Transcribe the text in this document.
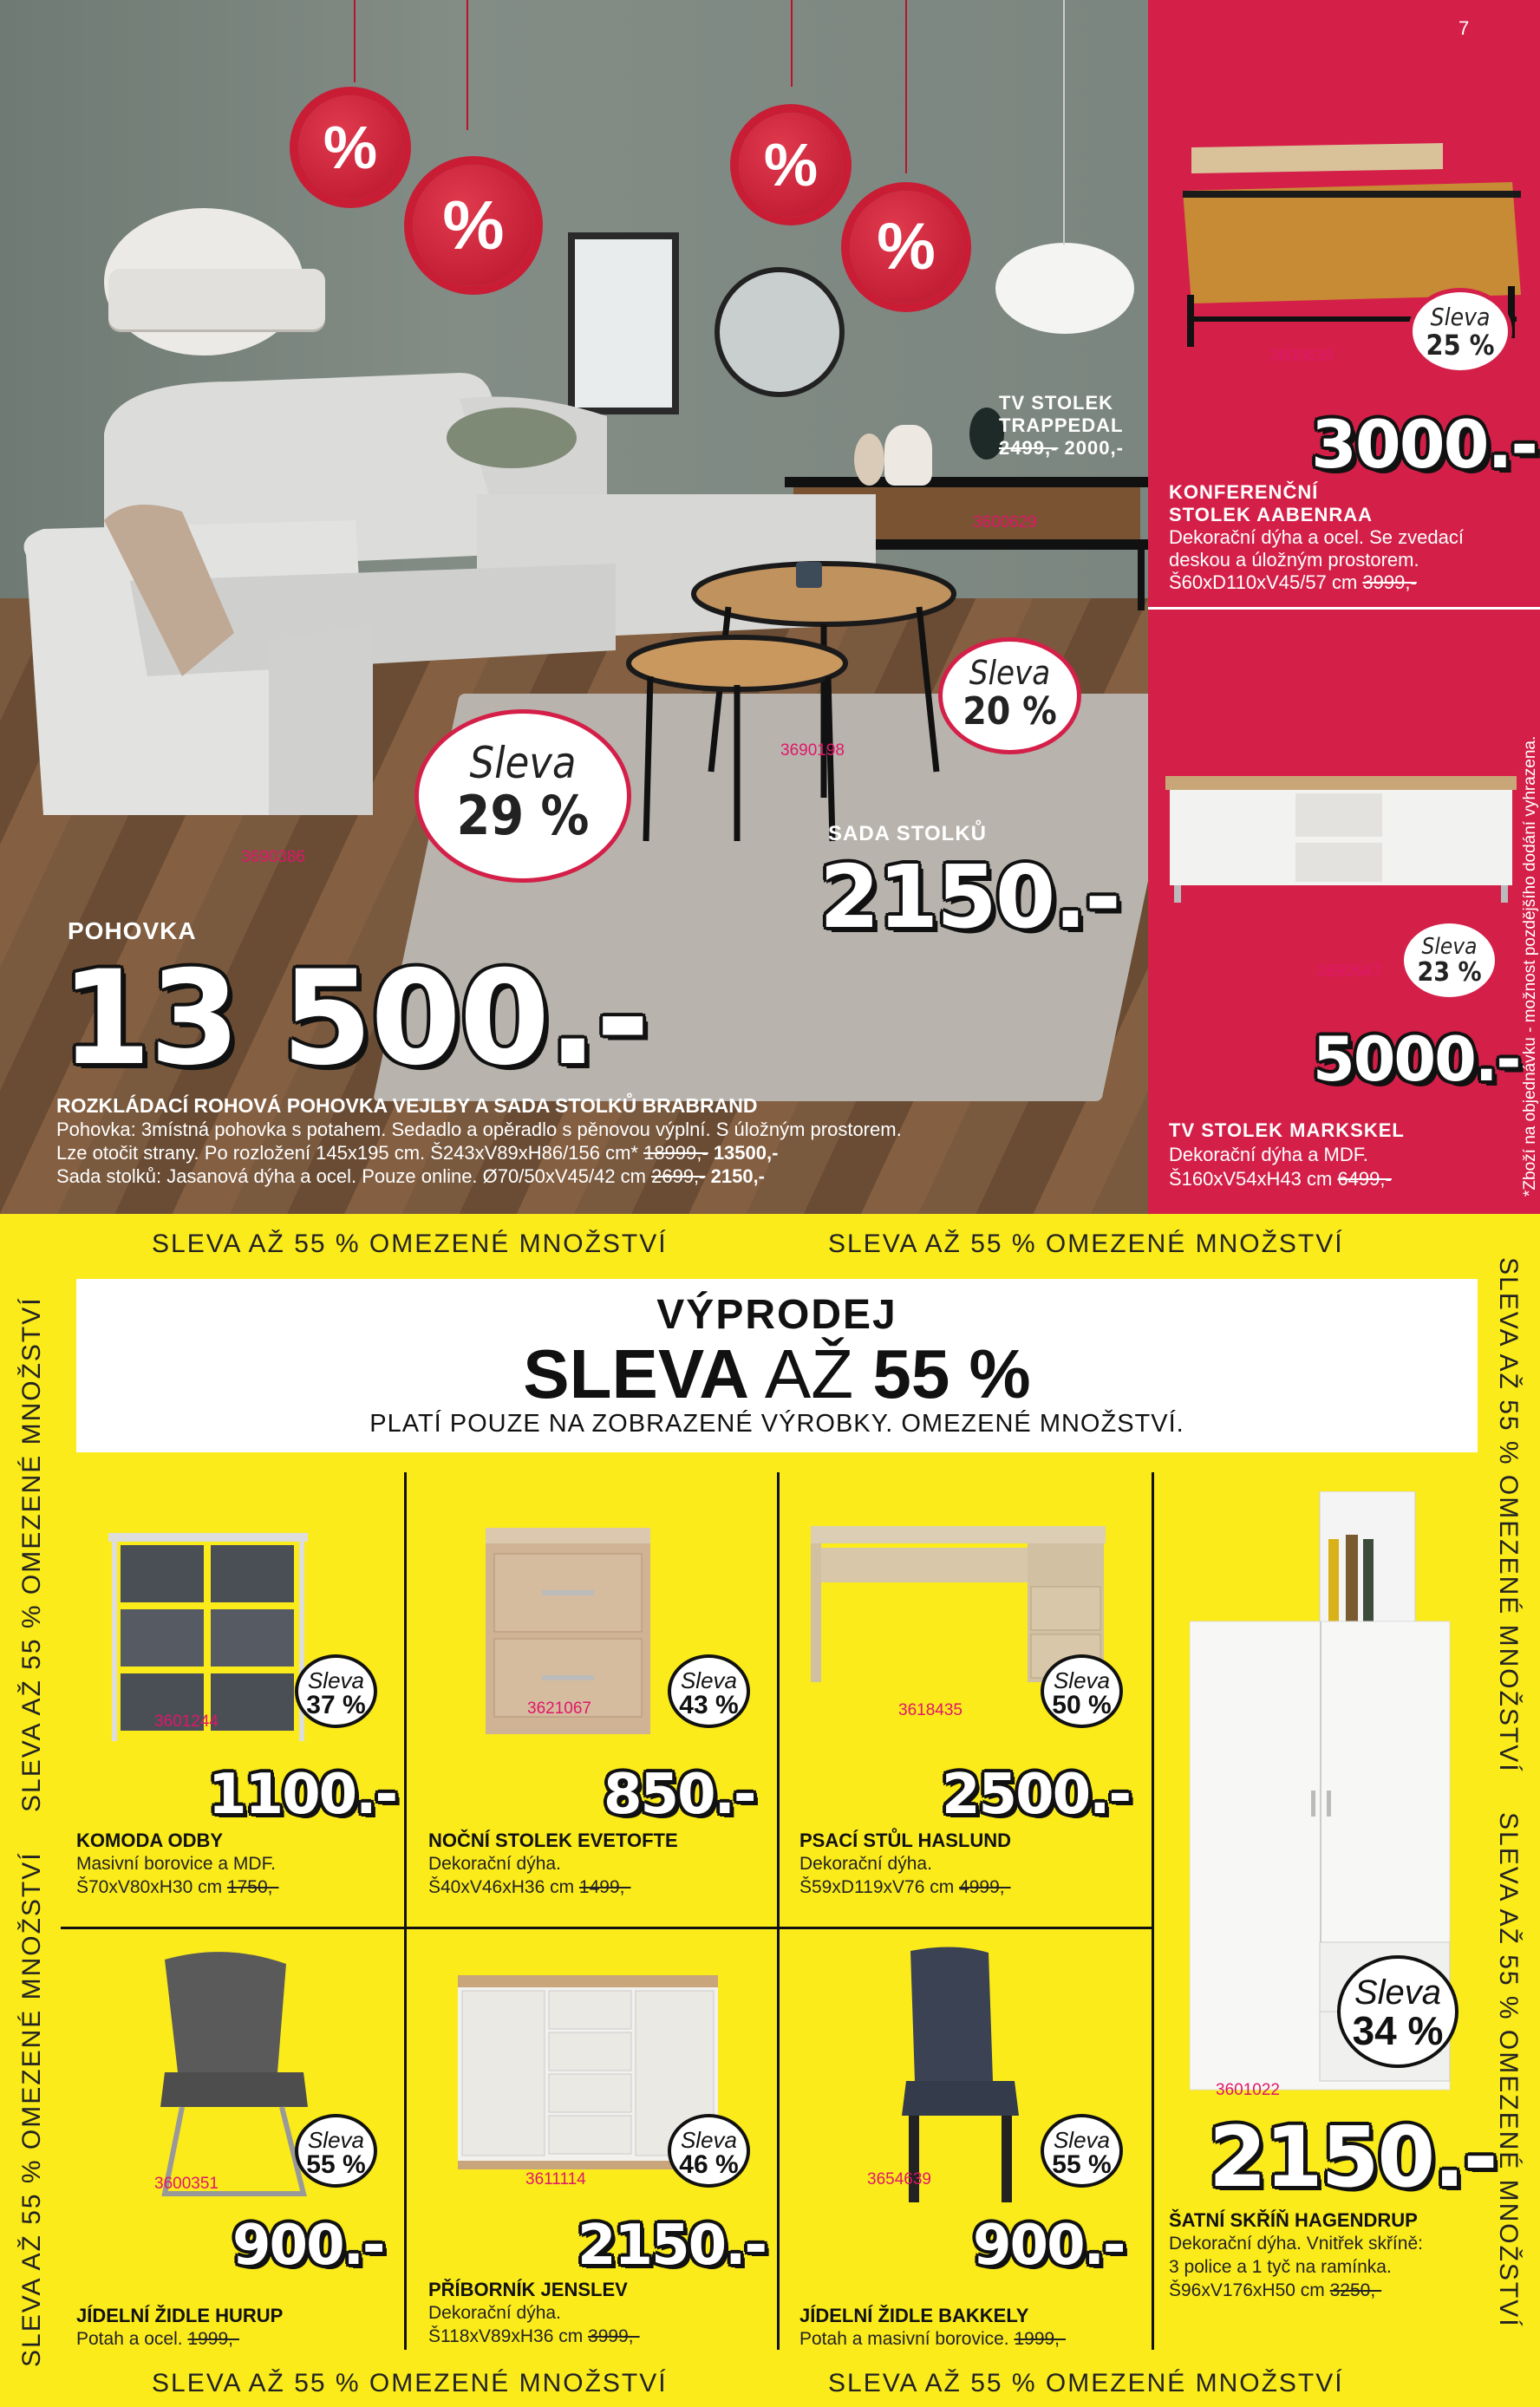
%
%
%
%
3690386
3690198
3600629
Sleva
29 %
Sleva
20 %
TV STOLEK
TRAPPEDAL
2499,- 2000,-
SADA STOLKŮ
2150.-
POHOVKA
13 500.-
ROZKLÁDACÍ ROHOVÁ POHOVKA VEJLBY A SADA STOLKŮ BRABRAND
Pohovka: 3místná pohovka s potahem. Sedadlo a opěradlo s pěnovou výplní. S úložným prostorem.
Lze otočit strany. Po rozložení 145x195 cm. Š243xV89xH86/156 cm* 18999,- 13500,-
Sada stolků: Jasanová dýha a ocel. Pouze online. Ø70/50xV45/42 cm 2699,- 2150,-
7
3600639
Sleva
25 %
3000.-
KONFERENČNÍ
STOLEK AABENRAA
Dekorační dýha a ocel. Se zvedací
deskou a úložným prostorem.
Š60xD110xV45/57 cm 3999,-
3690647
Sleva
23 %
5000.-
TV STOLEK MARKSKEL
Dekorační dýha a MDF.
Š160xV54xH43 cm 6499,-	*Zboží na objednávku - možnost pozdějšího dodání vyhrazena.
SLEVA AŽ 55 % OMEZENÉ MNOŽSTVÍ	SLEVA AŽ 55 % OMEZENÉ MNOŽSTVÍ
SLEVA AŽ 55 % OMEZENÉ MNOŽSTVÍ	SLEVA AŽ 55 % OMEZENÉ MNOŽSTVÍ
SLEVA AŽ 55 % OMEZENÉ MNOŽSTVÍ
SLEVA AŽ 55 % OMEZENÉ MNOŽSTVÍ
SLEVA AŽ 55 % OMEZENÉ MNOŽSTVÍ
SLEVA AŽ 55 % OMEZENÉ MNOŽSTVÍ
VÝPRODEJ
SLEVA AŽ 55 %
PLATÍ POUZE NA ZOBRAZENÉ VÝROBKY. OMEZENÉ MNOŽSTVÍ.
3601244
Sleva
37 %
1100.-
KOMODA ODBY
Masivní borovice a MDF.
Š70xV80xH30 cm 1750,-
3621067
Sleva
43 %
850.-
NOČNÍ STOLEK EVETOFTE
Dekorační dýha.
Š40xV46xH36 cm 1499,-
3618435
Sleva
50 %
2500.-
PSACÍ STŮL HASLUND
Dekorační dýha.
Š59xD119xV76 cm 4999,-
3600351
Sleva
55 %
900.-
JÍDELNÍ ŽIDLE HURUP
Potah a ocel. 1999,-
3611114
Sleva
46 %
2150.-
PŘÍBORNÍK JENSLEV
Dekorační dýha.
Š118xV89xH36 cm 3999,-
3654639
Sleva
55 %
900.-
JÍDELNÍ ŽIDLE BAKKELY
Potah a masivní borovice. 1999,-
3601022
Sleva
34 %
2150.-
ŠATNÍ SKŘÍŇ HAGENDRUP
Dekorační dýha. Vnitřek skříně:
3 police a 1 tyč na ramínka.
Š96xV176xH50 cm 3250,-
